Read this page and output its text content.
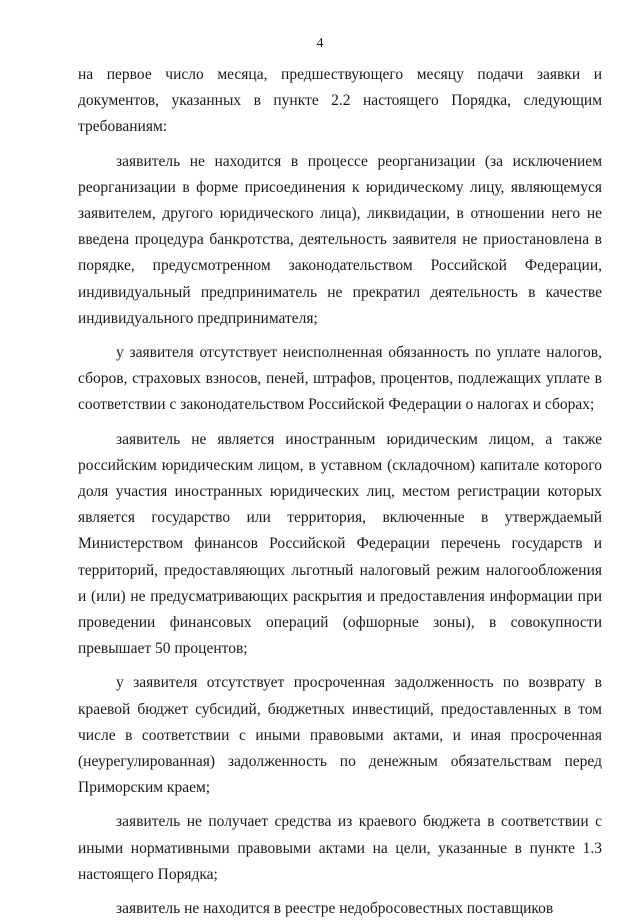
4

на первое число месяца, предшествующего месяцу подачи заявки и документов, указанных в пункте 2.2 настоящего Порядка, следующим требованиям:

заявитель не находится в процессе реорганизации (за исключением реорганизации в форме присоединения к юридическому лицу, являющемуся заявителем, другого юридического лица), ликвидации, в отношении него не введена процедура банкротства, деятельность заявителя не приостановлена в порядке, предусмотренном законодательством Российской Федерации, индивидуальный предприниматель не прекратил деятельность в качестве индивидуального предпринимателя;

у заявителя отсутствует неисполненная обязанность по уплате налогов, сборов, страховых взносов, пеней, штрафов, процентов, подлежащих уплате в соответствии с законодательством Российской Федерации о налогах и сборах;

заявитель не является иностранным юридическим лицом, а также российским юридическим лицом, в уставном (складочном) капитале которого доля участия иностранных юридических лиц, местом регистрации которых является государство или территория, включенные в утверждаемый Министерством финансов Российской Федерации перечень государств и территорий, предоставляющих льготный налоговый режим налогообложения и (или) не предусматривающих раскрытия и предоставления информации при проведении финансовых операций (офшорные зоны), в совокупности превышает 50 процентов;

у заявителя отсутствует просроченная задолженность по возврату в краевой бюджет субсидий, бюджетных инвестиций, предоставленных в том числе в соответствии с иными правовыми актами, и иная просроченная (неурегулированная) задолженность по денежным обязательствам перед Приморским краем;

заявитель не получает средства из краевого бюджета в соответствии с иными нормативными правовыми актами на цели, указанные в пункте 1.3 настоящего Порядка;

заявитель не находится в реестре недобросовестных поставщиков
